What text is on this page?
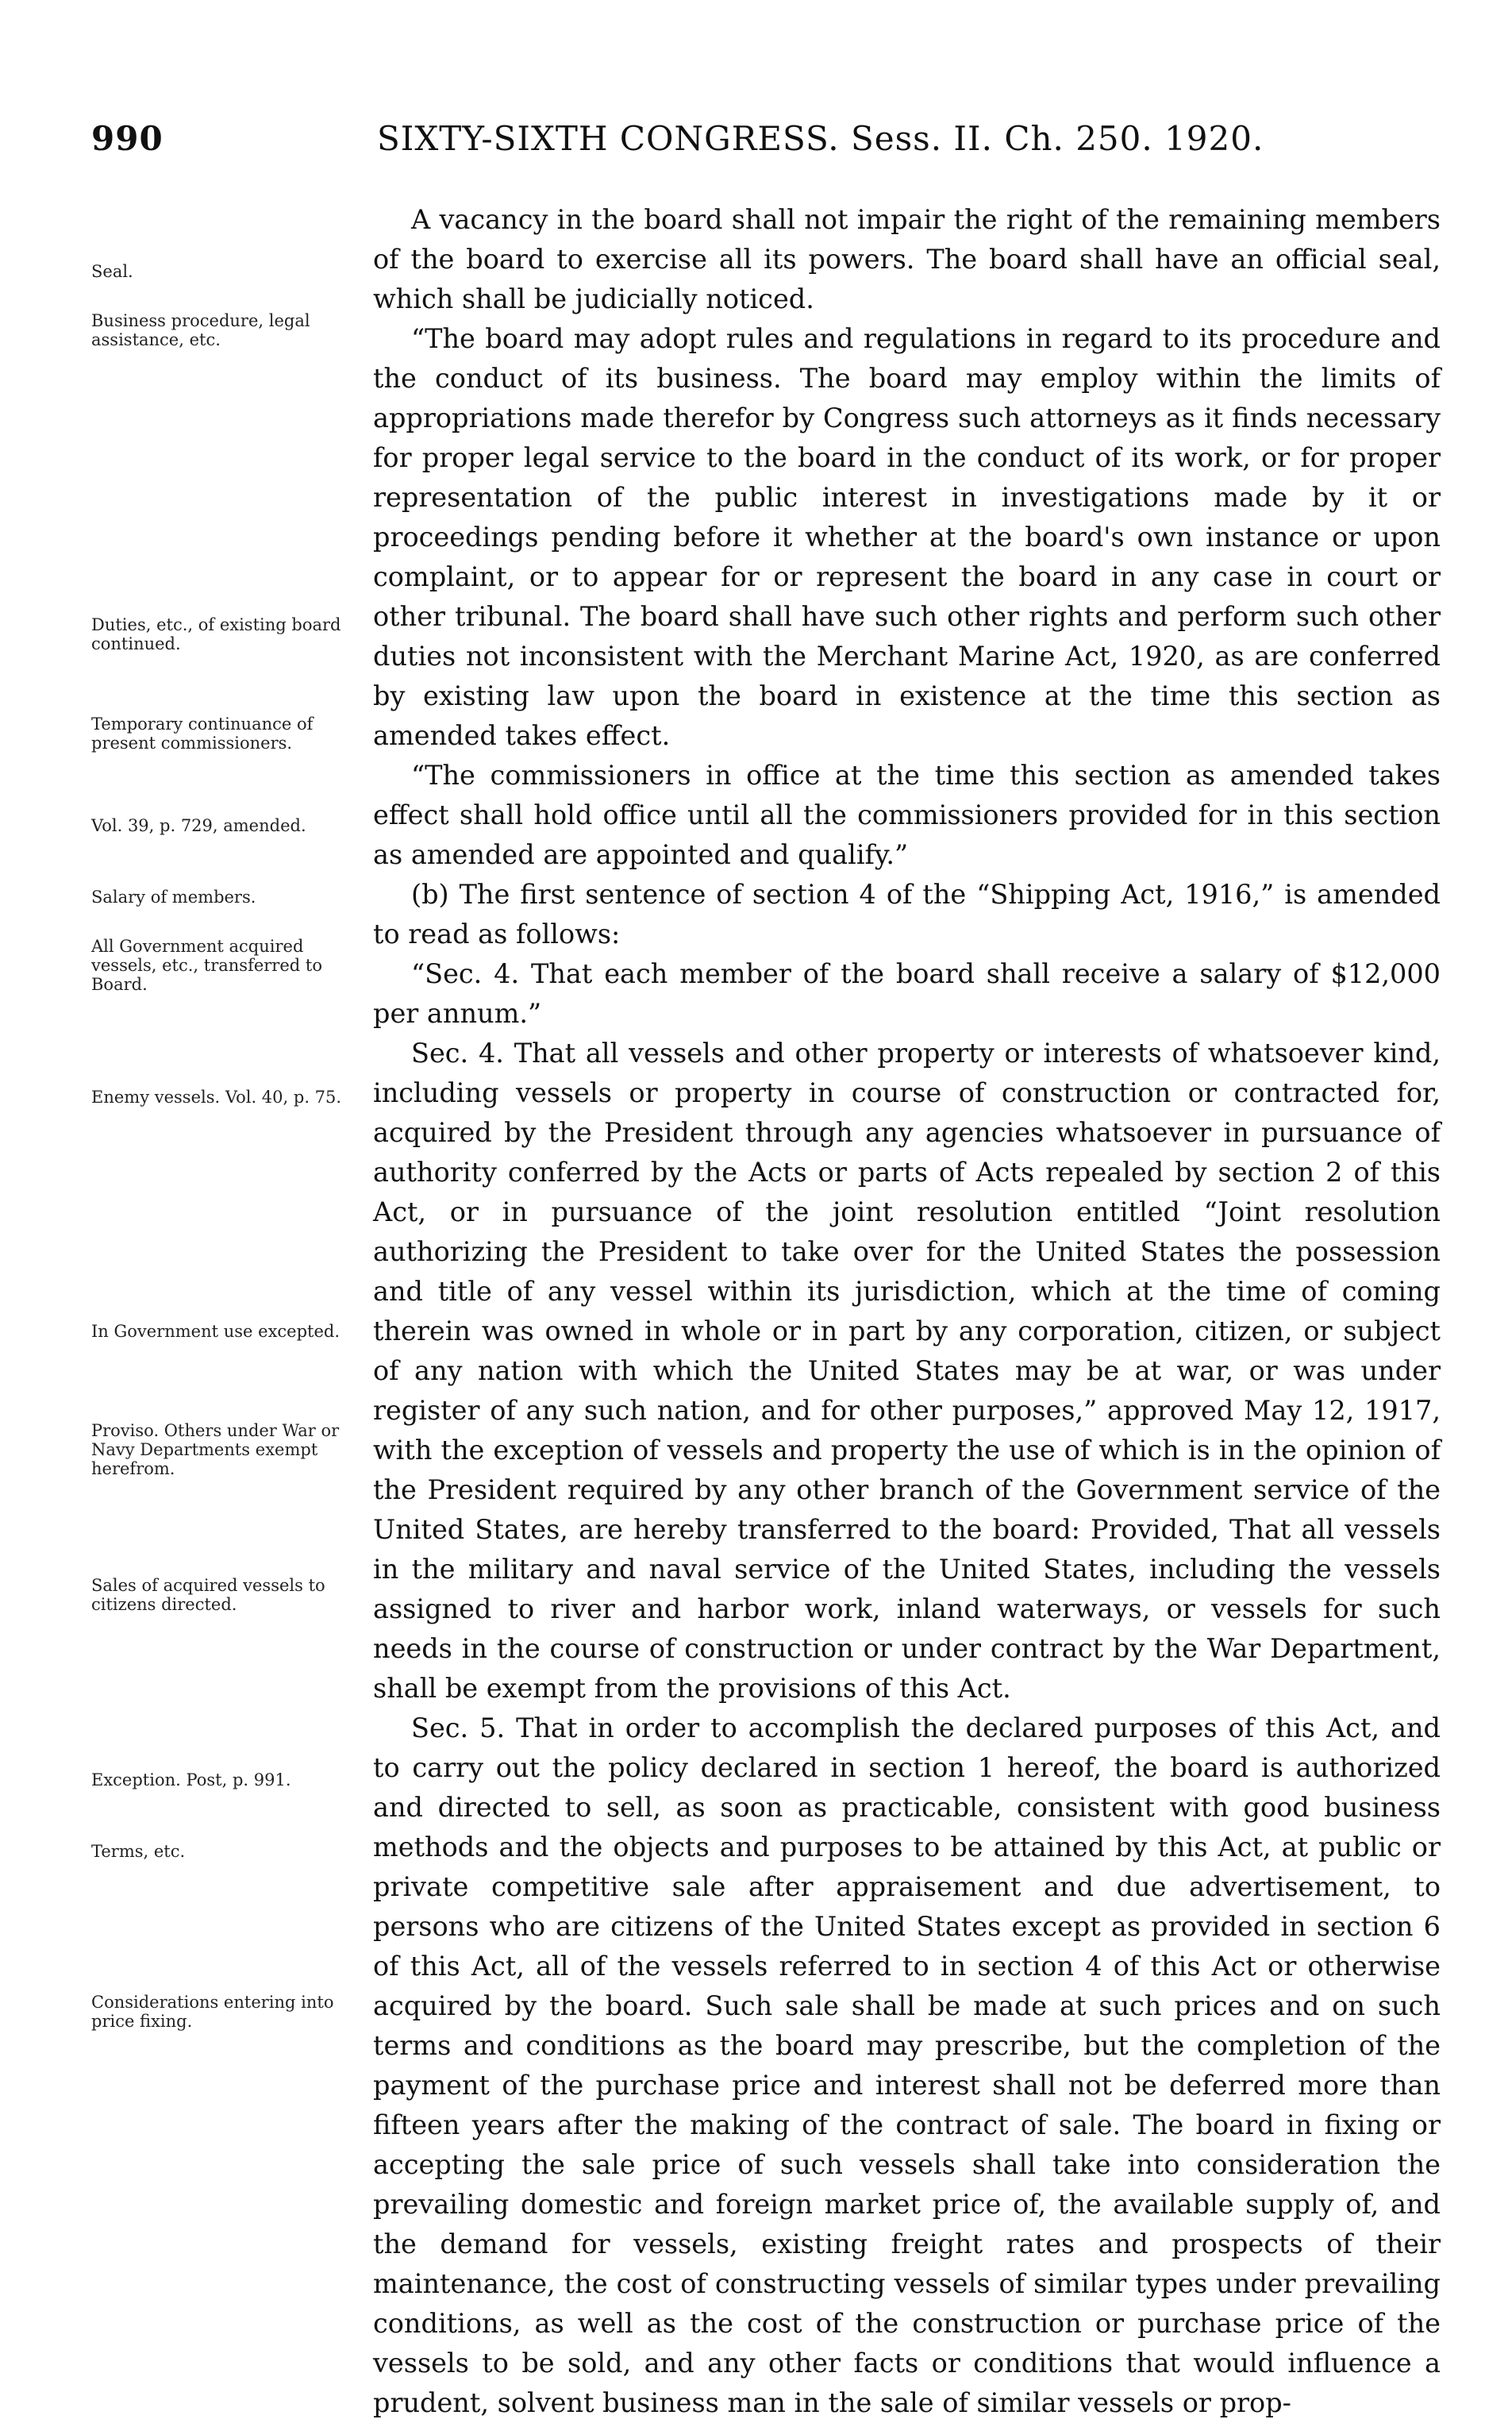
990	SIXTY-SIXTH CONGRESS. Sess. II. Ch. 250. 1920.
Seal.
Business procedure, legal assistance, etc.
Duties, etc., of existing board continued.
Temporary continuance of present commissioners.
Vol. 39, p. 729, amended.
Salary of members.
All Government acquired vessels, etc., transferred to Board.
Enemy vessels. Vol. 40, p. 75.
In Government use excepted.
Proviso. Others under War or Navy Departments exempt herefrom.
Sales of acquired vessels to citizens directed.
Exception. Post, p. 991.
Terms, etc.
Considerations entering into price fixing.

A vacancy in the board shall not impair the right of the remaining members of the board to exercise all its powers. The board shall have an official seal, which shall be judicially noticed.

“The board may adopt rules and regulations in regard to its procedure and the conduct of its business. The board may employ within the limits of appropriations made therefor by Congress such attorneys as it finds necessary for proper legal service to the board in the conduct of its work, or for proper representation of the public interest in investigations made by it or proceedings pending before it whether at the board's own instance or upon complaint, or to appear for or represent the board in any case in court or other tribunal. The board shall have such other rights and perform such other duties not inconsistent with the Merchant Marine Act, 1920, as are conferred by existing law upon the board in existence at the time this section as amended takes effect.

“The commissioners in office at the time this section as amended takes effect shall hold office until all the commissioners provided for in this section as amended are appointed and qualify.”

(b) The first sentence of section 4 of the “Shipping Act, 1916,” is amended to read as follows:

“Sec. 4. That each member of the board shall receive a salary of $12,000 per annum.”

Sec. 4. That all vessels and other property or interests of whatsoever kind, including vessels or property in course of construction or contracted for, acquired by the President through any agencies whatsoever in pursuance of authority conferred by the Acts or parts of Acts repealed by section 2 of this Act, or in pursuance of the joint resolution entitled “Joint resolution authorizing the President to take over for the United States the possession and title of any vessel within its jurisdiction, which at the time of coming therein was owned in whole or in part by any corporation, citizen, or subject of any nation with which the United States may be at war, or was under register of any such nation, and for other purposes,” approved May 12, 1917, with the exception of vessels and property the use of which is in the opinion of the President required by any other branch of the Government service of the United States, are hereby transferred to the board: Provided, That all vessels in the military and naval service of the United States, including the vessels assigned to river and harbor work, inland waterways, or vessels for such needs in the course of construction or under contract by the War Department, shall be exempt from the provisions of this Act.

Sec. 5. That in order to accomplish the declared purposes of this Act, and to carry out the policy declared in section 1 hereof, the board is authorized and directed to sell, as soon as practicable, consistent with good business methods and the objects and purposes to be attained by this Act, at public or private competitive sale after appraisement and due advertisement, to persons who are citizens of the United States except as provided in section 6 of this Act, all of the vessels referred to in section 4 of this Act or otherwise acquired by the board. Such sale shall be made at such prices and on such terms and conditions as the board may prescribe, but the completion of the payment of the purchase price and interest shall not be deferred more than fifteen years after the making of the contract of sale. The board in fixing or accepting the sale price of such vessels shall take into consideration the prevailing domestic and foreign market price of, the available supply of, and the demand for vessels, existing freight rates and prospects of their maintenance, the cost of constructing vessels of similar types under prevailing conditions, as well as the cost of the construction or purchase price of the vessels to be sold, and any other facts or conditions that would influence a prudent, solvent business man in the sale of similar vessels or prop-
